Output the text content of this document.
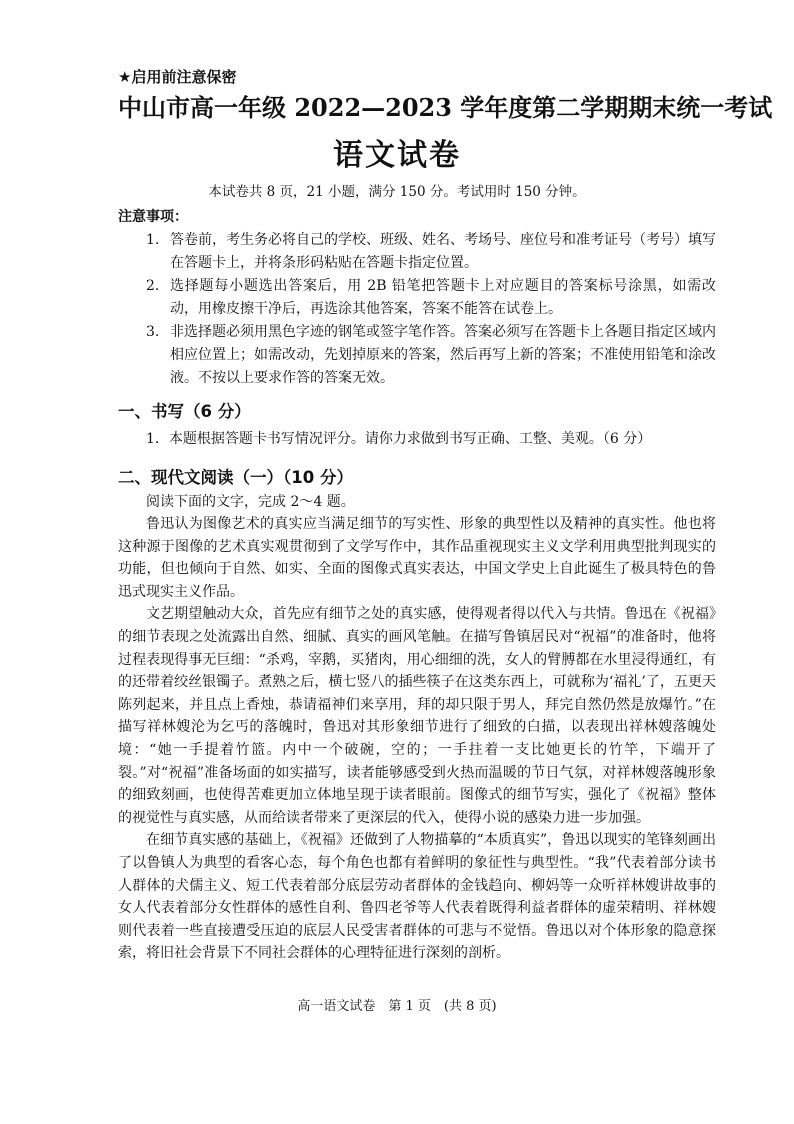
★启用前注意保密
中山市高一年级 2022—2023 学年度第二学期期末统一考试
语文试卷
本试卷共 8 页，21 小题，满分 150 分。考试用时 150 分钟。
注意事项：
1. 答卷前，考生务必将自己的学校、班级、姓名、考场号、座位号和准考证号（考号）填写在答题卡上，并将条形码粘贴在答题卡指定位置。
2. 选择题每小题选出答案后，用 2B 铅笔把答题卡上对应题目的答案标号涂黑，如需改动，用橡皮擦干净后，再选涂其他答案，答案不能答在试卷上。
3. 非选择题必须用黑色字迹的钢笔或签字笔作答。答案必须写在答题卡上各题目指定区域内相应位置上；如需改动，先划掉原来的答案，然后再写上新的答案；不准使用铅笔和涂改液。不按以上要求作答的答案无效。
一、书写（6 分）
1．本题根据答题卡书写情况评分。请你力求做到书写正确、工整、美观。（6 分）
二、现代文阅读（一）（10 分）
阅读下面的文字，完成 2～4 题。

鲁迅认为图像艺术的真实应当满足细节的写实性、形象的典型性以及精神的真实性。他也将这种源于图像的艺术真实观贯彻到了文学写作中，其作品重视现实主义文学利用典型批判现实的功能，但也倾向于自然、如实、全面的图像式真实表达，中国文学史上自此诞生了极具特色的鲁迅式现实主义作品。

文艺期望触动大众，首先应有细节之处的真实感，使得观者得以代入与共情。鲁迅在《祝福》的细节表现之处流露出自然、细腻、真实的画风笔触。在描写鲁镇居民对“祝福”的准备时，他将过程表现得事无巨细：“杀鸡，宰鹅，买猪肉，用心细细的洗，女人的臂膊都在水里浸得通红，有的还带着绞丝银镯子。煮熟之后，横七竖八的插些筷子在这类东西上，可就称为‘福礼’了，五更天陈列起来，并且点上香烛，恭请福神们来享用，拜的却只限于男人，拜完自然仍然是放爆竹。”在描写祥林嫂沦为乞丐的落魄时，鲁迅对其形象细节进行了细致的白描，以表现出祥林嫂落魄处境：“她一手提着竹篮。内中一个破碗，空的；一手拄着一支比她更长的竹竿，下端开了裂。”对“祝福”准备场面的如实描写，读者能够感受到火热而温暖的节日气氛，对祥林嫂落魄形象的细致刻画，也使得苦难更加立体地呈现于读者眼前。图像式的细节写实，强化了《祝福》整体的视觉性与真实感，从而给读者带来了更深层的代入，使得小说的感染力进一步加强。

在细节真实感的基础上，《祝福》还做到了人物描摹的“本质真实”，鲁迅以现实的笔锋刻画出了以鲁镇人为典型的看客心态，每个角色也都有着鲜明的象征性与典型性。“我”代表着部分读书人群体的犬儒主义、短工代表着部分底层劳动者群体的金钱趋向、柳妈等一众听祥林嫂讲故事的女人代表着部分女性群体的感性自利、鲁四老爷等人代表着既得利益者群体的虚荣精明、祥林嫂则代表着一些直接遭受压迫的底层人民受害者群体的可悲与不觉悟。鲁迅以对个体形象的隐意探索，将旧社会背景下不同社会群体的心理特征进行深刻的剖析。

高一语文试卷　第 1 页　(共 8 页)
